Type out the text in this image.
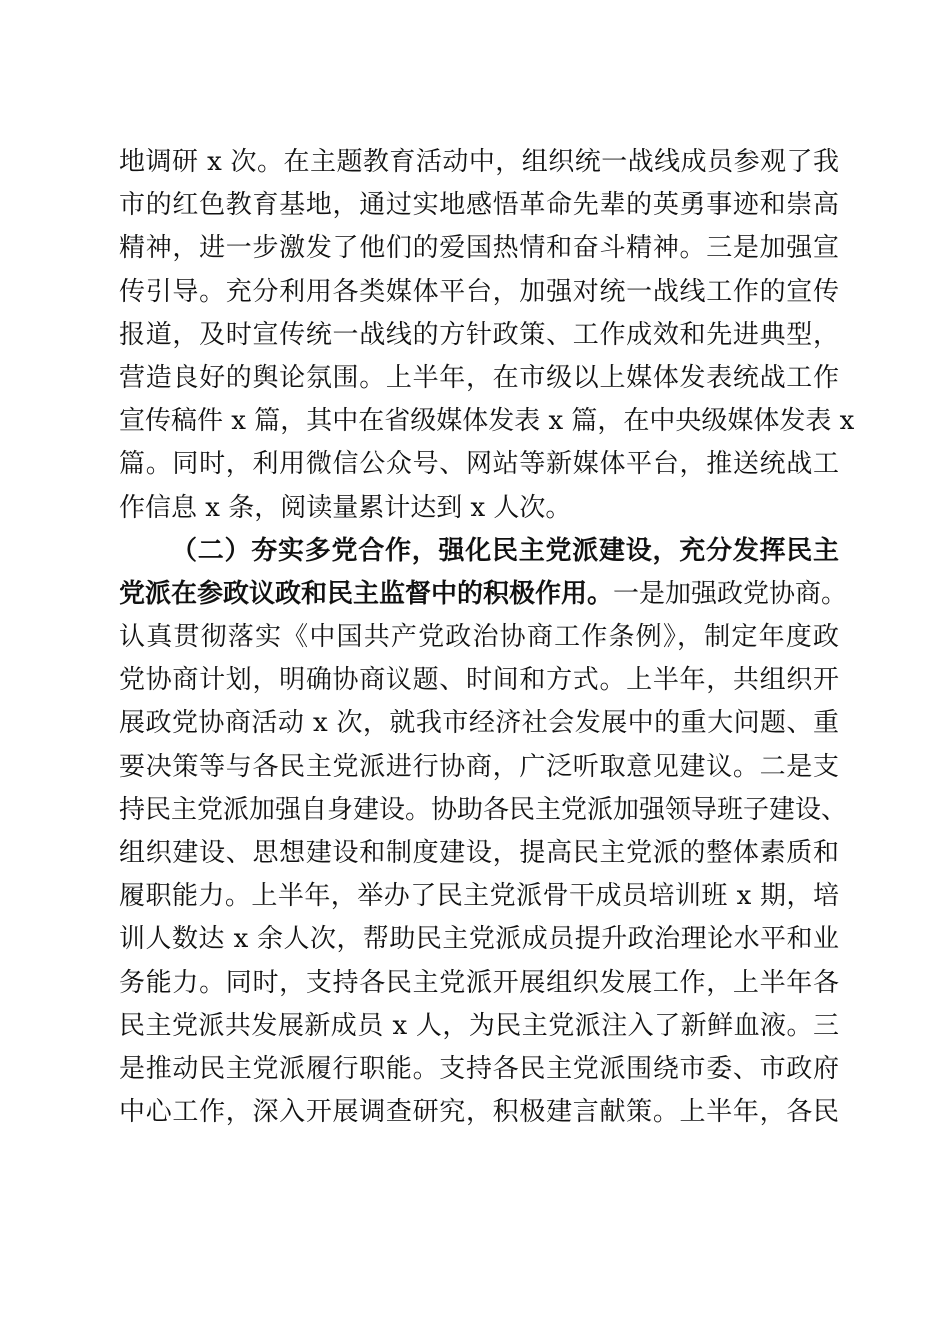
地调研 x 次。在主题教育活动中，组织统一战线成员参观了我
市的红色教育基地，通过实地感悟革命先辈的英勇事迹和崇高
精神，进一步激发了他们的爱国热情和奋斗精神。三是加强宣
传引导。充分利用各类媒体平台，加强对统一战线工作的宣传
报道，及时宣传统一战线的方针政策、工作成效和先进典型，
营造良好的舆论氛围。上半年，在市级以上媒体发表统战工作
宣传稿件 x 篇，其中在省级媒体发表 x 篇，在中央级媒体发表 x
篇。同时，利用微信公众号、网站等新媒体平台，推送统战工
作信息 x 条，阅读量累计达到 x 人次。
（二）夯实多党合作，强化民主党派建设，充分发挥民主
党派在参政议政和民主监督中的积极作用。一是加强政党协商。
认真贯彻落实《中国共产党政治协商工作条例》，制定年度政
党协商计划，明确协商议题、时间和方式。上半年，共组织开
展政党协商活动 x 次，就我市经济社会发展中的重大问题、重
要决策等与各民主党派进行协商，广泛听取意见建议。二是支
持民主党派加强自身建设。协助各民主党派加强领导班子建设、
组织建设、思想建设和制度建设，提高民主党派的整体素质和
履职能力。上半年，举办了民主党派骨干成员培训班 x 期，培
训人数达 x 余人次，帮助民主党派成员提升政治理论水平和业
务能力。同时，支持各民主党派开展组织发展工作，上半年各
民主党派共发展新成员 x 人，为民主党派注入了新鲜血液。三
是推动民主党派履行职能。支持各民主党派围绕市委、市政府
中心工作，深入开展调查研究，积极建言献策。上半年，各民
